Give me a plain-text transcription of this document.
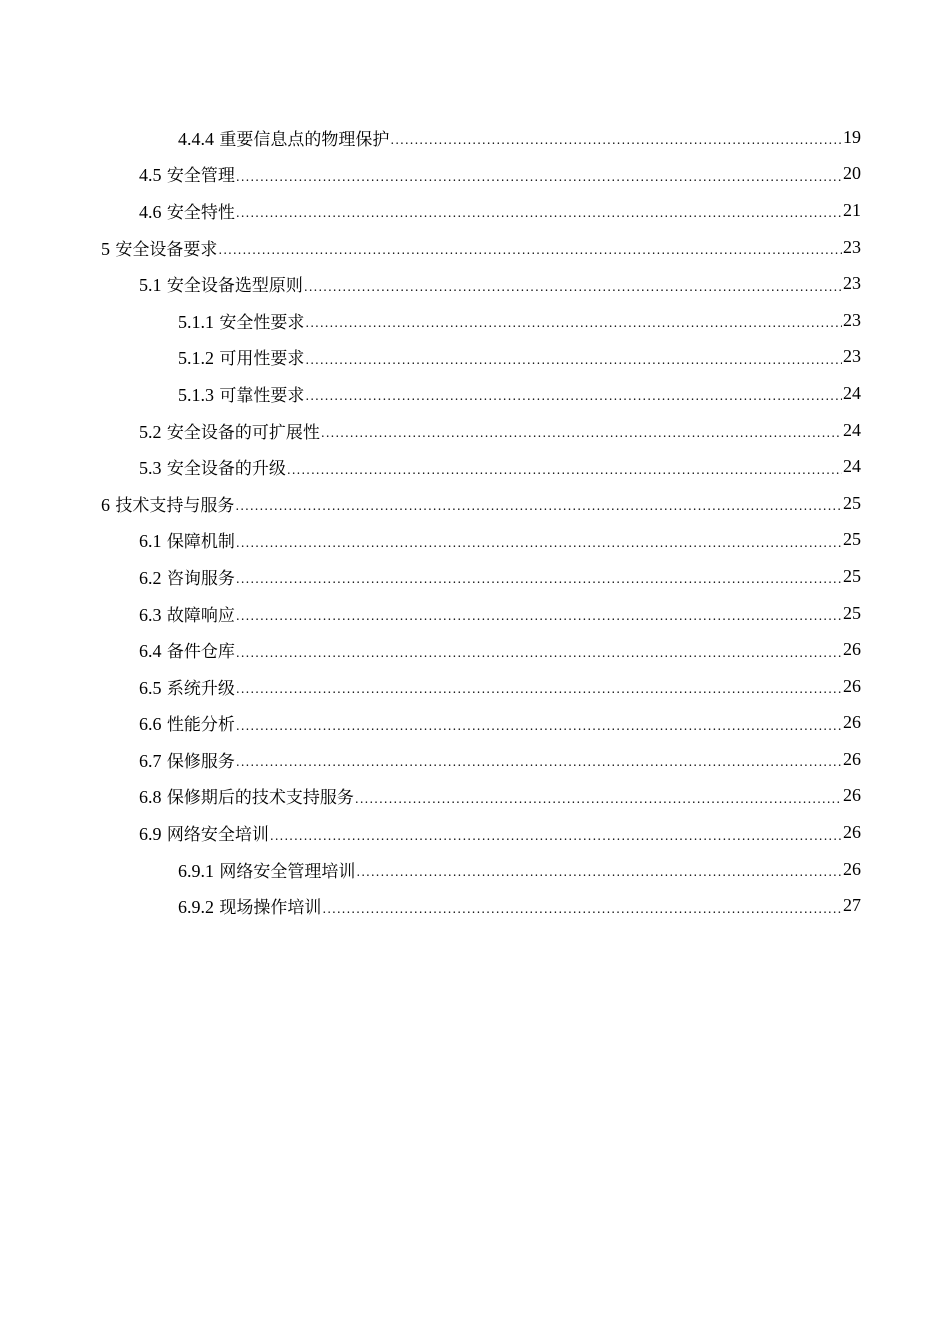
4.4.4 重要信息点的物理保护 .....	19
4.5 安全管理 .....	20
4.6 安全特性 .....	21
5 安全设备要求 .....	23
5.1 安全设备选型原则 .....	23
5.1.1 安全性要求 .....	23
5.1.2 可用性要求 .....	23
5.1.3 可靠性要求 .....	24
5.2 安全设备的可扩展性 .....	24
5.3 安全设备的升级 .....	24
6 技术支持与服务 .....	25
6.1 保障机制 .....	25
6.2 咨询服务 .....	25
6.3 故障响应 .....	25
6.4 备件仓库 .....	26
6.5 系统升级 .....	26
6.6 性能分析 .....	26
6.7 保修服务 .....	26
6.8 保修期后的技术支持服务 .....	26
6.9 网络安全培训 .....	26
6.9.1 网络安全管理培训 .....	26
6.9.2 现场操作培训 .....	27
